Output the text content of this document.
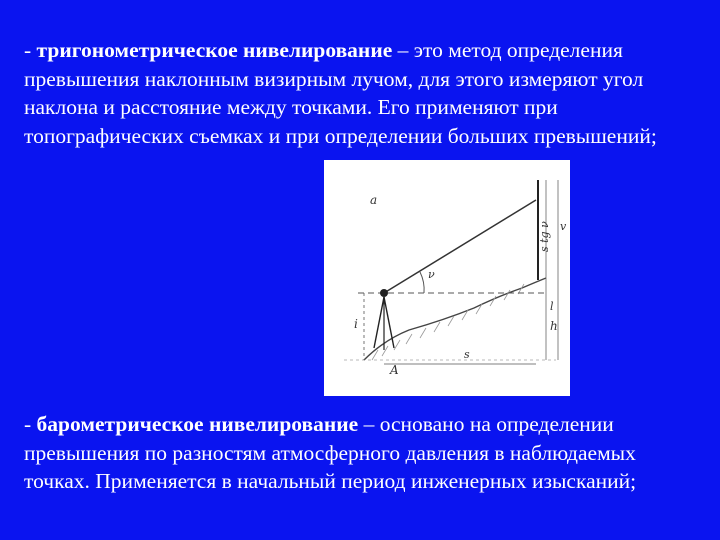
- тригонометрическое нивелирование – это метод определения превышения наклонным визирным лучом, для этого измеряют угол наклона и расстояние между точками. Его применяют при топографических съемках и при определении больших превышений;

а
ν
A
i
s
h
l
v
s tg ν

- барометрическое нивелирование – основано на определении превышения по разностям атмосферного давления в наблюдаемых точках. Применяется в начальный период инженерных изысканий;
